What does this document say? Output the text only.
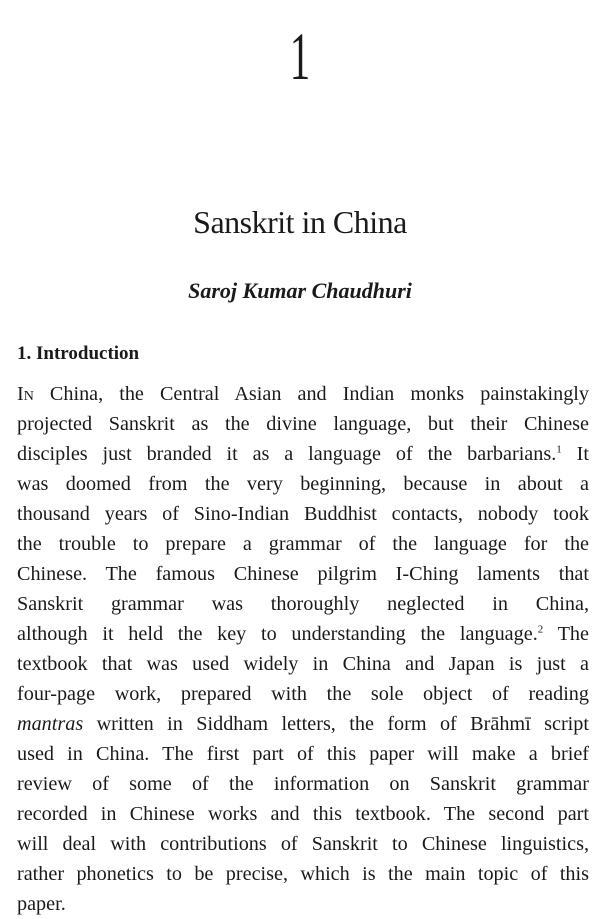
1
Sanskrit in China
Saroj Kumar Chaudhuri
1. Introduction
In China, the Central Asian and Indian monks painstakingly
projected Sanskrit as the divine language, but their Chinese
disciples just branded it as a language of the barbarians.$^1$ It
was doomed from the very beginning, because in about a
thousand years of Sino-Indian Buddhist contacts, nobody took
the trouble to prepare a grammar of the language for the
Chinese. The famous Chinese pilgrim I-Ching laments that
Sanskrit grammar was thoroughly neglected in China,
although it held the key to understanding the language.$^2$ The
textbook that was used widely in China and Japan is just a
four-page work, prepared with the sole object of reading
mantras written in Siddham letters, the form of Brāhmī script
used in China. The first part of this paper will make a brief
review of some of the information on Sanskrit grammar
recorded in Chinese works and this textbook. The second part
will deal with contributions of Sanskrit to Chinese linguistics,
rather phonetics to be precise, which is the main topic of this
paper.
